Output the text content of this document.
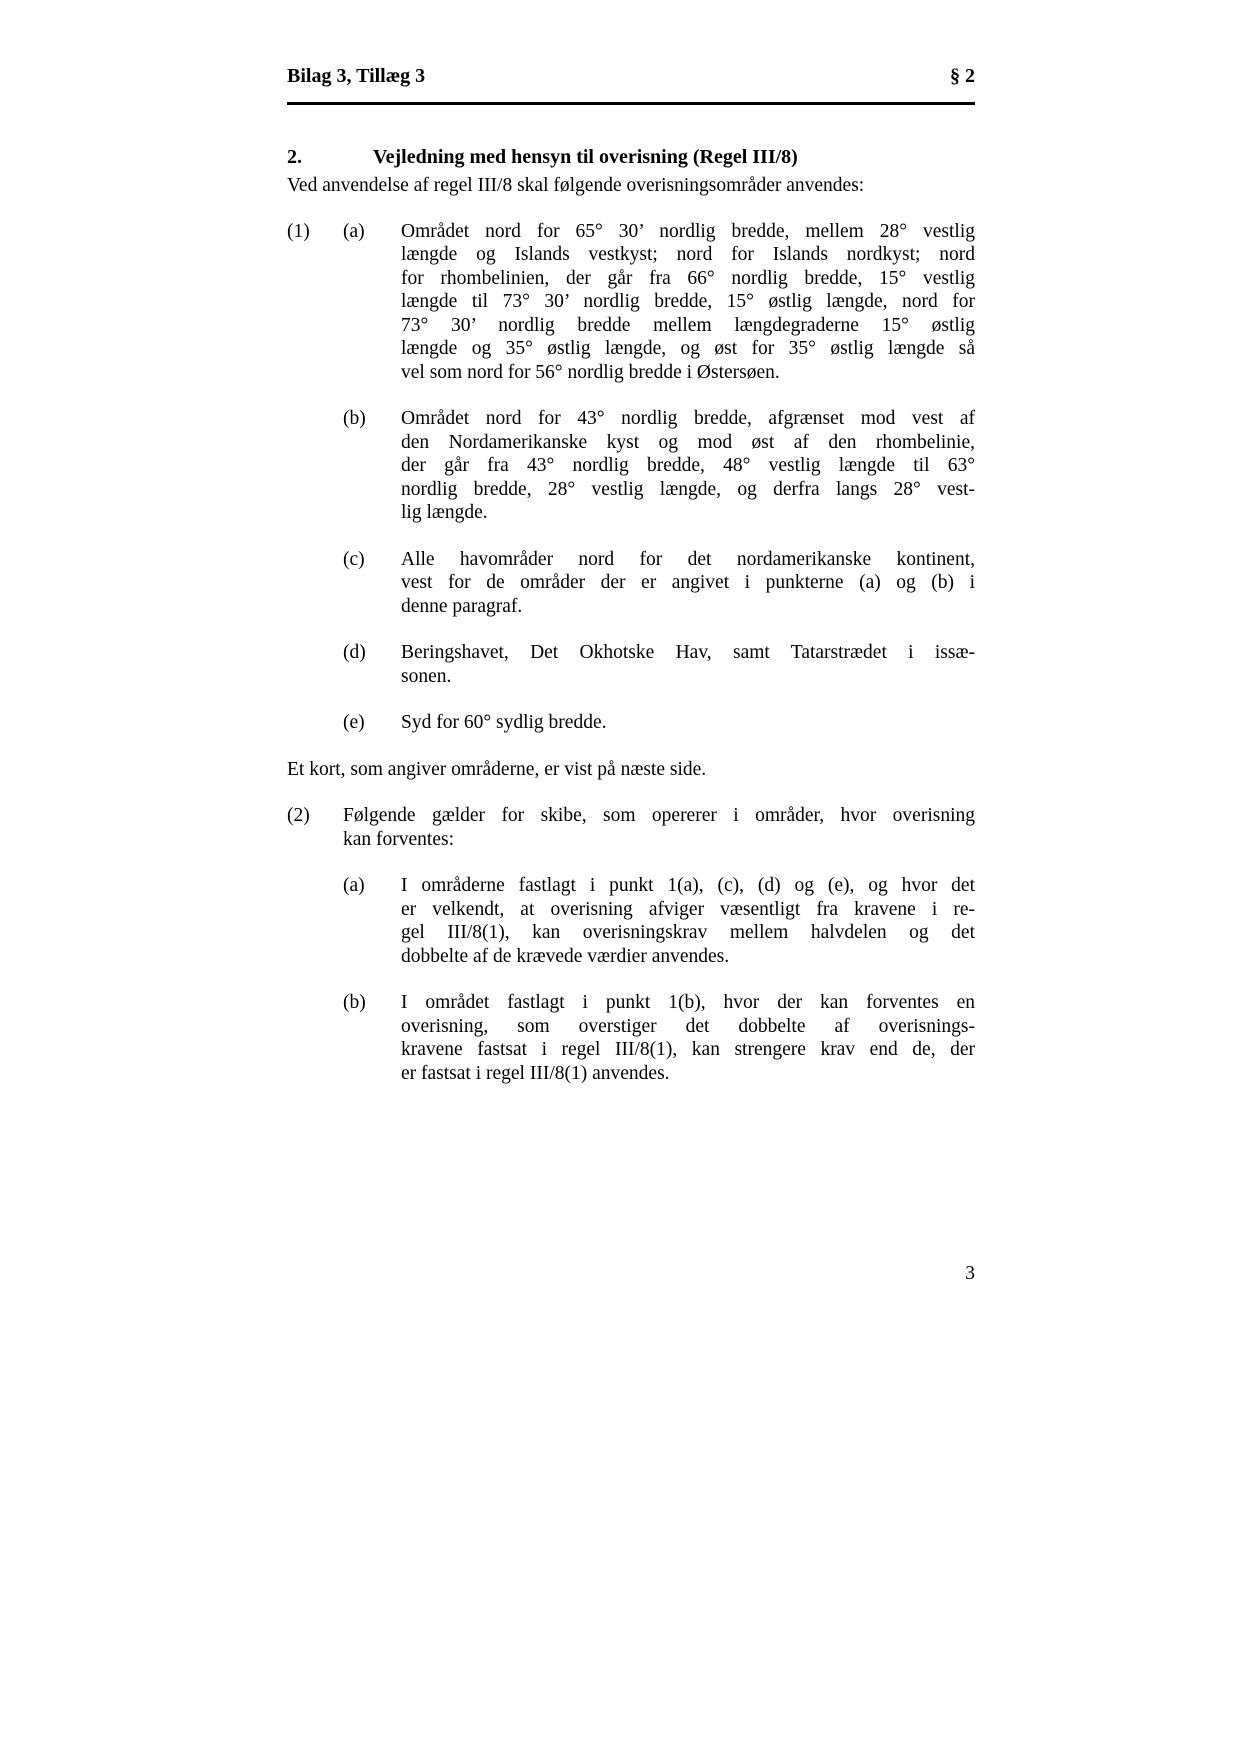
Bilag 3, Tillæg 3	§ 2
2.	Vejledning med hensyn til overisning (Regel III/8)
Ved anvendelse af regel III/8 skal følgende overisningsområder anvendes:
(1)	(a)	Området nord for 65° 30’ nordlig bredde, mellem 28° vestlig
længde og Islands vestkyst; nord for Islands nordkyst; nord
for rhombelinien, der går fra 66° nordlig bredde, 15° vestlig
længde til 73° 30’ nordlig bredde, 15° østlig længde, nord for
73° 30’ nordlig bredde mellem længdegraderne 15° østlig
længde og 35° østlig længde, og øst for 35° østlig længde så
vel som nord for 56° nordlig bredde i Østersøen.
(b)	Området nord for 43° nordlig bredde, afgrænset mod vest af
den Nordamerikanske kyst og mod øst af den rhombelinie,
der går fra 43° nordlig bredde, 48° vestlig længde til 63°
nordlig bredde, 28° vestlig længde, og derfra langs 28° vest-
lig længde.
(c)	Alle havområder nord for det nordamerikanske kontinent,
vest for de områder der er angivet i punkterne (a) og (b) i
denne paragraf.
(d)	Beringshavet, Det Okhotske Hav, samt Tatarstrædet i issæ-
sonen.
(e)	Syd for 60° sydlig bredde.
Et kort, som angiver områderne, er vist på næste side.
(2)	Følgende gælder for skibe, som opererer i områder, hvor overisning
kan forventes:
(a)	I områderne fastlagt i punkt 1(a), (c), (d) og (e), og hvor det
er velkendt, at overisning afviger væsentligt fra kravene i re-
gel III/8(1), kan overisningskrav mellem halvdelen og det
dobbelte af de krævede værdier anvendes.
(b)	I området fastlagt i punkt 1(b), hvor der kan forventes en
overisning, som overstiger det dobbelte af overisnings-
kravene fastsat i regel III/8(1), kan strengere krav end de, der
er fastsat i regel III/8(1) anvendes.
3
